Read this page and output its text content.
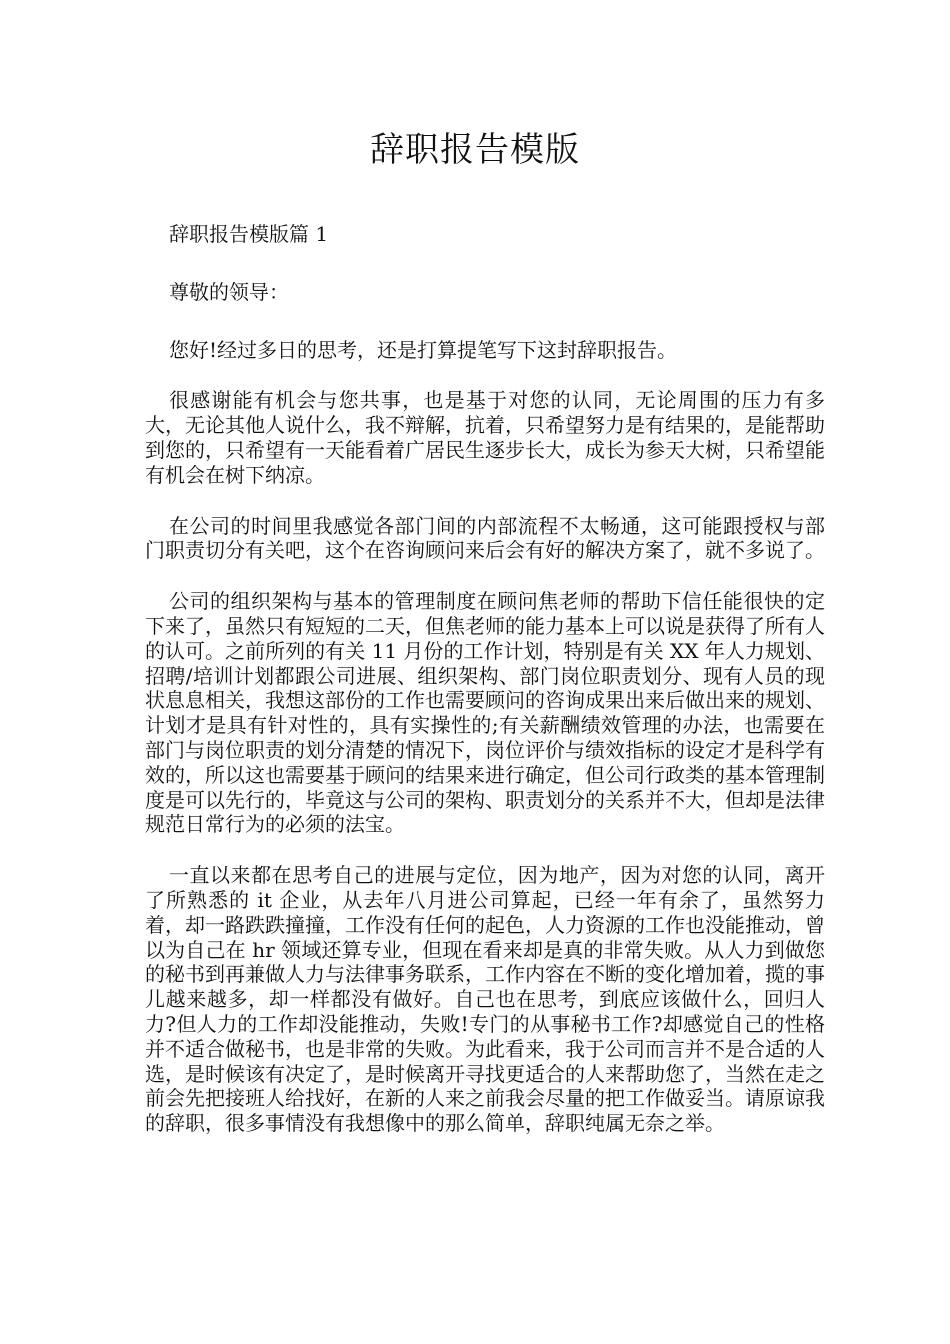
辞职报告模版

辞职报告模版篇 1

尊敬的领导：

您好!经过多日的思考，还是打算提笔写下这封辞职报告。

很感谢能有机会与您共事，也是基于对您的认同，无论周围的压力有多大，无论其他人说什么，我不辩解，抗着，只希望努力是有结果的，是能帮助到您的，只希望有一天能看着广居民生逐步长大，成长为参天大树，只希望能有机会在树下纳凉。

在公司的时间里我感觉各部门间的内部流程不太畅通，这可能跟授权与部门职责切分有关吧，这个在咨询顾问来后会有好的解决方案了，就不多说了。

公司的组织架构与基本的管理制度在顾问焦老师的帮助下信任能很快的定下来了，虽然只有短短的二天，但焦老师的能力基本上可以说是获得了所有人的认可。之前所列的有关 11 月份的工作计划，特别是有关 XX 年人力规划、招聘/培训计划都跟公司进展、组织架构、部门岗位职责划分、现有人员的现状息息相关，我想这部份的工作也需要顾问的咨询成果出来后做出来的规划、计划才是具有针对性的，具有实操性的;有关薪酬绩效管理的办法，也需要在部门与岗位职责的划分清楚的情况下，岗位评价与绩效指标的设定才是科学有效的，所以这也需要基于顾问的结果来进行确定，但公司行政类的基本管理制度是可以先行的，毕竟这与公司的架构、职责划分的关系并不大，但却是法律规范日常行为的必须的法宝。

一直以来都在思考自己的进展与定位，因为地产，因为对您的认同，离开了所熟悉的 it 企业，从去年八月进公司算起，已经一年有余了，虽然努力着，却一路跌跌撞撞，工作没有任何的起色，人力资源的工作也没能推动，曾以为自己在 hr 领域还算专业，但现在看来却是真的非常失败。从人力到做您的秘书到再兼做人力与法律事务联系，工作内容在不断的变化增加着，揽的事儿越来越多，却一样都没有做好。自己也在思考，到底应该做什么，回归人力?但人力的工作却没能推动，失败!专门的从事秘书工作?却感觉自己的性格并不适合做秘书，也是非常的失败。为此看来，我于公司而言并不是合适的人选，是时候该有决定了，是时候离开寻找更适合的人来帮助您了，当然在走之前会先把接班人给找好，在新的人来之前我会尽量的把工作做妥当。请原谅我的辞职，很多事情没有我想像中的那么简单，辞职纯属无奈之举。
